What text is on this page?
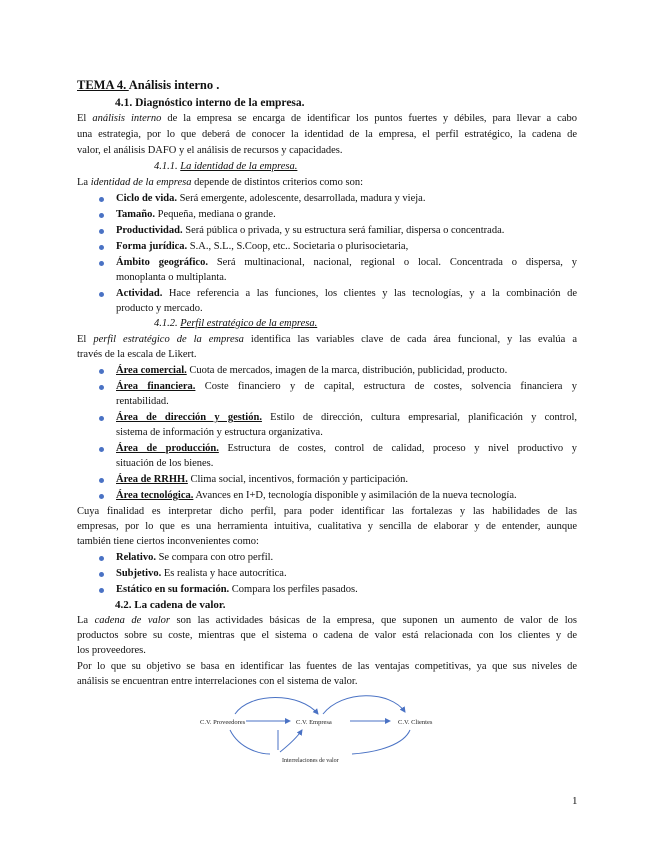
TEMA 4. Análisis interno .
4.1. Diagnóstico interno de la empresa.
El análisis interno de la empresa se encarga de identificar los puntos fuertes y débiles, para llevar a cabo
una estrategia, por lo que deberá de conocer la identidad de la empresa, el perfil estratégico, la cadena de
valor, el análisis DAFO y el análisis de recursos y capacidades.
4.1.1. La identidad de la empresa.
La identidad de la empresa depende de distintos criterios como son:
Ciclo de vida. Será emergente, adolescente, desarrollada, madura y vieja.
Tamaño. Pequeña, mediana o grande.
Productividad. Será pública o privada, y su estructura será familiar, dispersa o concentrada.
Forma jurídica. S.A., S.L., S.Coop, etc.. Societaria o plurisocietaria,
Ámbito geográfico. Será multinacional, nacional, regional o local. Concentrada o dispersa, y
monoplanta o multiplanta.
Actividad. Hace referencia a las funciones, los clientes y las tecnologías, y a la combinación de
producto y mercado.
4.1.2. Perfil estratégico de la empresa.
El perfil estratégico de la empresa identifica las variables clave de cada área funcional, y las evalúa a
través de la escala de Likert.
Área comercial. Cuota de mercados, imagen de la marca, distribución, publicidad, producto.
Área financiera. Coste financiero y de capital, estructura de costes, solvencia financiera y
rentabilidad.
Área de dirección y gestión. Estilo de dirección, cultura empresarial, planificación y control,
sistema de información y estructura organizativa.
Área de producción. Estructura de costes, control de calidad, proceso y nivel productivo y
situación de los bienes.
Área de RRHH. Clima social, incentivos, formación y participación.
Área tecnológica. Avances en I+D, tecnología disponible y asimilación de la nueva tecnología.
Cuya finalidad es interpretar dicho perfil, para poder identificar las fortalezas y las habilidades de las
empresas, por lo que es una herramienta intuitiva, cualitativa y sencilla de elaborar y de entender, aunque
también tiene ciertos inconvenientes como:
Relativo. Se compara con otro perfil.
Subjetivo. Es realista y hace autocrítica.
Estático en su formación. Compara los perfiles pasados.
4.2. La cadena de valor.
La cadena de valor son las actividades básicas de la empresa, que suponen un aumento de valor de los
productos sobre su coste, mientras que el sistema o cadena de valor está relacionada con los clientes y de
los proveedores.
Por lo que su objetivo se basa en identificar las fuentes de las ventajas competitivas, ya que sus niveles de
análisis se encuentran entre interrelaciones con el sistema de valor.
C.V. Proveedores	C.V. Empresa	C.V. Clientes
Interrelaciones de valor
1
